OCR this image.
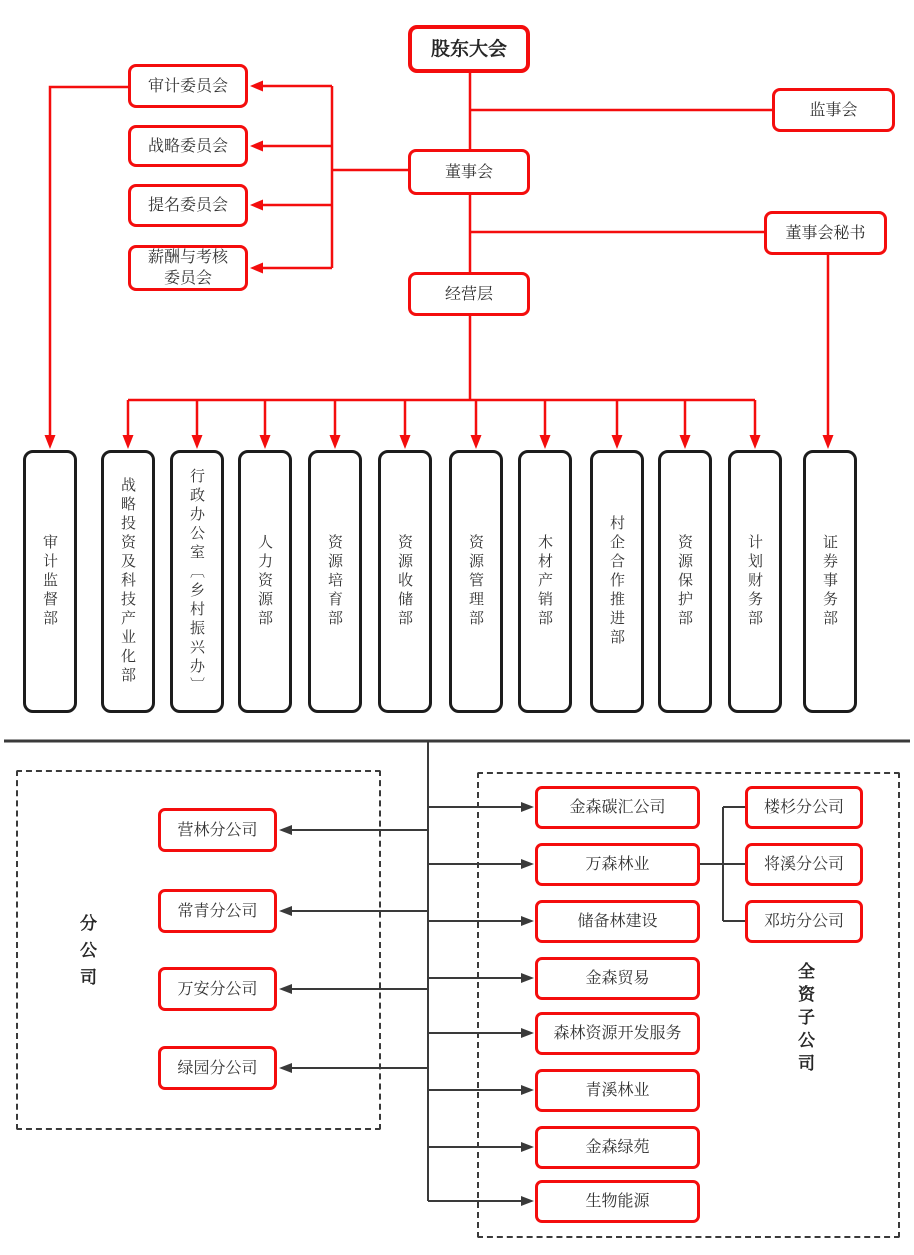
股东大会
监事会
董事会
董事会秘书
经营层
审计委员会
战略委员会
提名委员会
薪酬与考核委员会
审计监督部	战略投资及科技产业化部	行政办公室〔乡村振兴办〕	人力资源部	资源培育部	资源收储部	资源管理部	木材产销部	村企合作推进部	资源保护部	计划财务部	证券事务部
分公司
营林分公司
常青分公司
万安分公司
绿园分公司	全资子公司
金森碳汇公司
万森林业
储备林建设
金森贸易
森林资源开发服务
青溪林业
金森绿苑
生物能源
楼杉分公司
将溪分公司
邓坊分公司
